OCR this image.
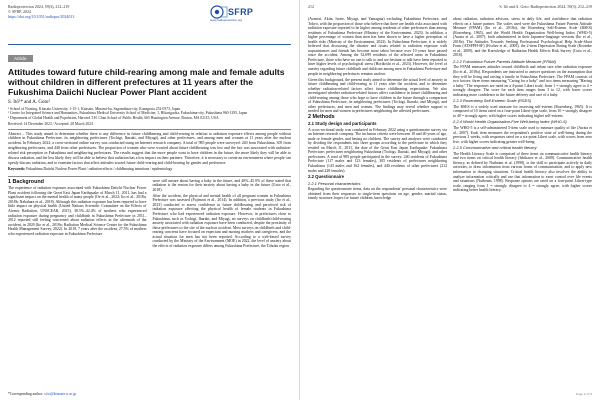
Radioprotection 2024, 59(3), 212–219
© SFRP, 2024
https://doi.org/10.1051/radiopro/2024013	SFRP
www.radioprotection.org
Article
Attitudes toward future child-rearing among male and female adults without children in different prefectures at 11 years after the Fukushima Daiichi Nuclear Power Plant accident
S. Itō¹* and A. Goto²

¹ School of Nursing, Kitasato University, 1-15-1, Kitasato, Minami-ku, Sagamihara-city, Kanagawa 252-0373, Japan

² Center for Integrated Science and Humanities, Fukushima Medical University School of Medicine, 1, Hikarigaoka, Fukushima-city, Fukushima 960-1295, Japan

³ Department of Global Health and Population, Harvard T.H. Chan School of Public Health, 665 Huntington Avenue, Boston, MA 02115, USA

Received: 14 December 2023 / Accepted: 28 March 2024

Abstract – This study aimed to determine whether there is any difference in future childbearing and child-rearing in relation to radiation exposure effects among people without children in Fukushima Prefecture, its neighboring prefectures (Tochigi, Ibaraki, and Miyagi), and other prefectures, and among men and women at 11 years after the nuclear accident. In February 2022, a cross-sectional online survey was conducted using an Internet research company. A total of 985 people were surveyed: 240 from Fukushima, 305 from neighboring prefectures, and 440 from other prefectures. The proportion of women who were worried about future childbearing was low and the fact was associated with radiation-related risk perception in Fukushima and neighboring prefectures. The results suggest that the more people want to have children in the future, the more likely they will be able to discuss radiation, and the less likely they will be able to believe that radiation has a low impact on their partners. Therefore, it is necessary to create an environment where people can openly discuss radiation, and to examine factors that affect attitudes toward future child-rearing and child-bearing by gender and preference.

Keywords: Fukushima Daiichi Nuclear Power Plant / radiation effects / childbearing intentions / epidemiology
1 Background

The experience of radiation exposure associated with Fukushima Daiichi Nuclear Power Plant accident following the Great East Japan Earthquake of March 11, 2011, has had a significant impact on the mental health of many people (Oe et al., 2022; Ito et al., 2018a, 2018b; Nakahara et al., 2018). Although this radiation exposure has been reported to have little impact on physical health (United Nations Scientific Committee on the Effects of Atomic Radiation, UNSCEAR, 2015), 38.5%–42.4% of mothers who experienced radiation exposure during pregnancy and childbirth in Fukushima Prefecture in 2011–2012 reported still feeling concerned about radiation effects in the aftermath of the accident, in 2020 (Ito et al., 2018a; Radiation Medical Science Center for the Fukushima Health Management Survey, 2022). In 2018, 7 years after the accident, 27.5% of mothers who experienced radiation exposure in Fukushima Prefecture

were still unsure about having a baby in the future, and 40%–45.0% of these stated that radiation is the reason for their anxiety about having a baby in the future (Goto et al., 2018).

After the accident, the physical and mental health of all pregnant women in Fukushima Prefecture was assessed (Fujimori et al., 2014). In addition, a previous study (Ito et al., 2023) conducted to assess confidence in future childbearing and perceived risk of radiation exposure affecting the physical health of female students in Fukushima Prefecture who had experienced radiation exposure. However, in prefectures close to Fukushima, such as Tochigi, Ibaraki, and Miyagi, no surveys on childbirth/child-rearing anxiety associated with radiation exposure have been conducted, despite the proximity of these prefectures to the site of the nuclear accident. Most surveys on childbirth and child-rearing concerns have focused on expectant and nursing mothers and caregivers, and the actual situation for men has not been reported. According to a web-based survey conducted by the Ministry of the Environment (MOE) in 2022, the level of anxiety about the effects of radiation exposure differs among Fukushima Prefecture, the Tohoku region

*Corresponding author: s.ito@kitasato-u.ac.jp
212	S. Itō and A. Goto: Radioprotection 2024, 59(3), 212–219

(Aomori, Akita, Iwate, Miyagi, and Yamagata) excluding Fukushima Prefecture, and Tokyo, with the proportion of those who believe that there are health risks associated with radiation exposure reported to be higher among residents of other prefectures than among residents of Fukushima Prefecture (Ministry of the Environment, 2023). In addition, a higher percentage of women than men has been shown to have a higher perception of health risks (Ministry of the Environment, 2023). In Fukushima Prefecture, it is widely believed that discussing the disaster and issues related to radiation exposure with acquaintances and friends has become more taboo because over 10 years have passed since the accident. Among the 32,699 residents of the affected areas in Fukushima Prefecture, those who have no one to talk to and are hesitant to talk have been reported to have higher levels of psychological stress (Horikoshi et al., 2023). However, the level of anxiety regarding future childbirth and childcare among men in Fukushima Prefecture and people in neighboring prefectures remains unclear.

Given this background, the present study aimed to determine the actual level of anxiety in future childbearing and child-rearing at 11 years after the accident, and to determine whether radiation-related factors affect future childbearing expectations. We also investigated whether radiation-related factors affect confidence in future childbearing and child-rearing among those who hope to have children in the future through a comparison of Fukushima Prefecture, its neighboring prefectures (Tochigi, Ibaraki, and Miyagi), and other prefectures, and men and women. The findings may reveal whether support is needed for men and women in prefectures neighboring the affected prefectures.

2 Methods
2.1 Study design and participants

A cross-sectional study was conducted in February 2022 using a questionnaire survey via an Internet research company. The inclusion criteria were between 18 and 40 years of age, male or female gender, and having no children. The survey and analyses were conducted by dividing the respondents into three groups according to the prefecture in which they resided on March 11, 2011, the date of the Great East Japan Earthquake: Fukushima Prefecture; prefectures neighboring Fukushima (Tochigi, Ibaraki, and Miyagi); and other prefectures. A total of 985 people participated in the survey: 240 residents of Fukushima Prefecture (117 males and 123 females), 305 residents of prefectures neighboring Fukushima (143 males and 162 females), and 440 residents of other prefectures (212 males and 228 females).

2.2 Questionnaire
2.2.1 Personal characteristics

Regarding the questionnaire items, data on the respondents' personal characteristics were obtained from their responses to single-item questions on age, gender, marital status, family structure, hopes for future children, knowledge

about radiation, radiation advisors, stress in daily life, and confidence that radiation effects on a future partner. The scales used were the Fukushima Future Parents Attitude Measure (FPAM) (Ito et al., 2018a), the Rosenberg Self-Esteem Scale (RSES) (Rosenberg, 1965), and the World Health Organization Well-being Index (WHO-5) (Awata et al., 2007), both administered in their Japanese-language versions (Ito et al., 2018a). The Attitudes Towards Seeking Professional Psychological Help Scale-Short Form (ATSPPH-SF) (Fischer et al., 2009), the 2-item Depression Rating Scale (Kroenke et al., 2009), and the Knowledge of Radiation Health Effects Risk Survey (Goto et al., 2018).

2.2.2 Fukushima Future Parents Attitude Measure (FPAM)

The FPAM measures attitudes toward childbirth and infant care after radiation exposure (Ito et al., 2018a). Respondents are instructed to answer questions on the assumption that they will be living and raising a family in Fukushima Prefecture. The FPAM consists of two factors: three items measuring "Caring for a baby" and two items measuring "Having a baby." The responses are rated on a 4-point Likert scale, from 1 = strongly agree to 4 = strongly disagree. The score for each item ranges from 3 to 12, with lower scores indicating more confidence in the future delivery and care of a baby.

2.2.3 Rosenberg Self-Esteem Scale (RSES)

The RSES is a widely used measure for assessing self-esteem (Rosenberg, 1965). It is composed of 10 items rated on a four-point Likert-type scale, from 10 = strongly disagree to 40 = strongly agree, with higher scores indicating higher self-esteem.

2.2.4 World Health Organization-Five Well-being Index (WHO-5)

The WHO-5 is a self-administered 5-item scale used to measure quality of life (Awata et al., 2007). Each item measures the respondent's positive state of well-being during the previous 2 weeks, with responses rated on a six-point Likert scale, with scores from zero five, with higher scores indicating greater well-being.

2.2.5 Communicative and critical health literacy

The Health Literacy Scale is comprised of three items on communicative health literacy and two items on critical health literacy (Ishikawa et al., 2008). Communicative health literacy, as defined by Nutbeam et al. (1998), is the skill to participate actively in daily activities, to draw information from various forms of communication, and to apply new information to changing situations. Critical health literacy also involves the ability to analyze information critically and use that information to exert control over life events and situations (Nutbeam, 1998). Response options are rated on a four-point Likert-type scale, ranging from 1 = strongly disagree to 4 = strongly agree, with higher scores indicating better health literacy.

Page 2 of 8
